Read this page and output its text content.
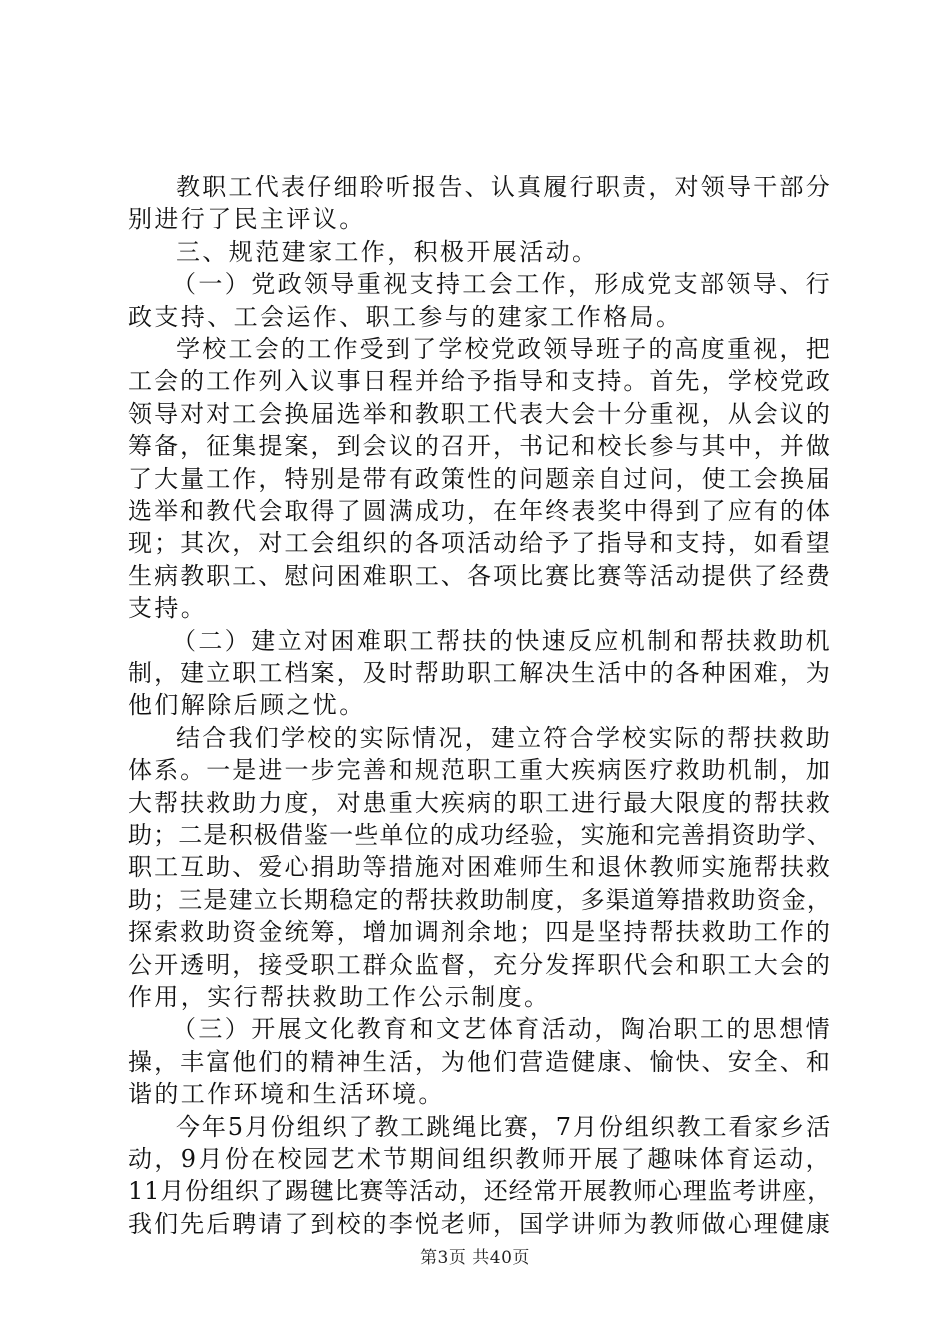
教职工代表仔细聆听报告、认真履行职责，对领导干部分
别进行了民主评议。
三、规范建家工作，积极开展活动。
（一）党政领导重视支持工会工作，形成党支部领导、行
政支持、工会运作、职工参与的建家工作格局。
学校工会的工作受到了学校党政领导班子的高度重视，把
工会的工作列入议事日程并给予指导和支持。首先，学校党政
领导对对工会换届选举和教职工代表大会十分重视，从会议的
筹备，征集提案，到会议的召开，书记和校长参与其中，并做
了大量工作，特别是带有政策性的问题亲自过问，使工会换届
选举和教代会取得了圆满成功，在年终表奖中得到了应有的体
现；其次，对工会组织的各项活动给予了指导和支持，如看望
生病教职工、慰问困难职工、各项比赛比赛等活动提供了经费
支持。
（二）建立对困难职工帮扶的快速反应机制和帮扶救助机
制，建立职工档案，及时帮助职工解决生活中的各种困难，为
他们解除后顾之忧。
结合我们学校的实际情况，建立符合学校实际的帮扶救助
体系。一是进一步完善和规范职工重大疾病医疗救助机制，加
大帮扶救助力度，对患重大疾病的职工进行最大限度的帮扶救
助；二是积极借鉴一些单位的成功经验，实施和完善捐资助学、
职工互助、爱心捐助等措施对困难师生和退休教师实施帮扶救
助；三是建立长期稳定的帮扶救助制度，多渠道筹措救助资金，
探索救助资金统筹，增加调剂余地；四是坚持帮扶救助工作的
公开透明，接受职工群众监督，充分发挥职代会和职工大会的
作用，实行帮扶救助工作公示制度。
（三）开展文化教育和文艺体育活动，陶冶职工的思想情
操，丰富他们的精神生活，为他们营造健康、愉快、安全、和
谐的工作环境和生活环境。
今年5月份组织了教工跳绳比赛，7月份组织教工看家乡活
动，9月份在校园艺术节期间组织教师开展了趣味体育运动，
11月份组织了踢毽比赛等活动，还经常开展教师心理监考讲座，
我们先后聘请了到校的李悦老师，国学讲师为教师做心理健康
第3页 共40页
